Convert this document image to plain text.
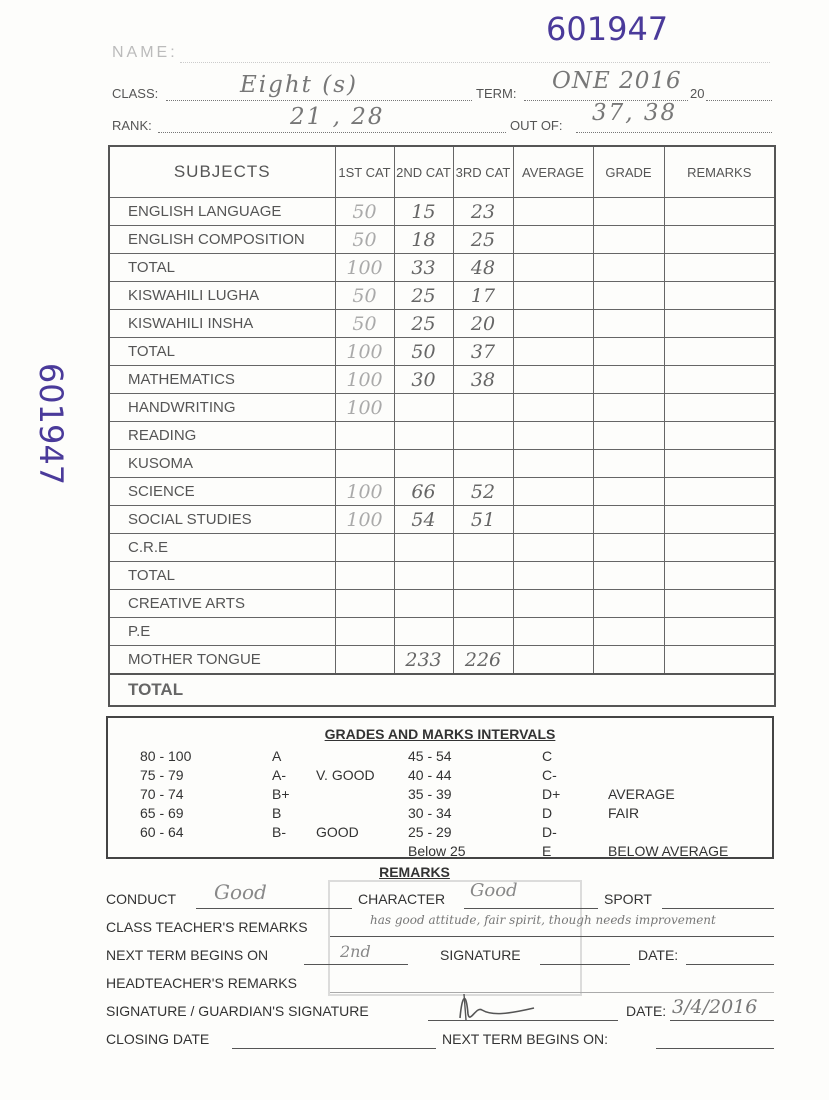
601947
601947
NAME:
CLASS:	Eight (s)	TERM: ONE 2016 20
RANK:	21 , 28	OUT OF: 37, 38
SUBJECTS	1ST CAT	2ND CAT	3RD CAT	AVERAGE	GRADE	REMARKS
ENGLISH LANGUAGE	50	15	23			
ENGLISH COMPOSITION	50	18	25			
TOTAL	100	33	48			
KISWAHILI LUGHA	50	25	17			
KISWAHILI INSHA	50	25	20			
TOTAL	100	50	37			
MATHEMATICS	100	30	38			
HANDWRITING	100					
READING						
KUSOMA						
SCIENCE	100	66	52			
SOCIAL STUDIES	100	54	51			
C.R.E						
TOTAL						
CREATIVE ARTS						
P.E						
MOTHER TONGUE		233	226			
TOTAL						
GRADES AND MARKS INTERVALS
80 - 100	A
75 - 79	A- V. GOOD
70 - 74	B+
65 - 69	B
60 - 64	B- GOOD
45 - 54	C
40 - 44	C-
35 - 39	D+	AVERAGE
30 - 34	D	FAIR
25 - 29	D-
Below 25	E	BELOW AVERAGE
REMARKS
CONDUCT Good	CHARACTER Good	SPORT
CLASS TEACHER'S REMARKS	has good attitude, fair spirit, though needs improvement
NEXT TERM BEGINS ON	2nd	SIGNATURE	DATE:
HEADTEACHER'S REMARKS
SIGNATURE / GUARDIAN'S SIGNATURE	DATE: 3/4/2016
CLOSING DATE	NEXT TERM BEGINS ON:
